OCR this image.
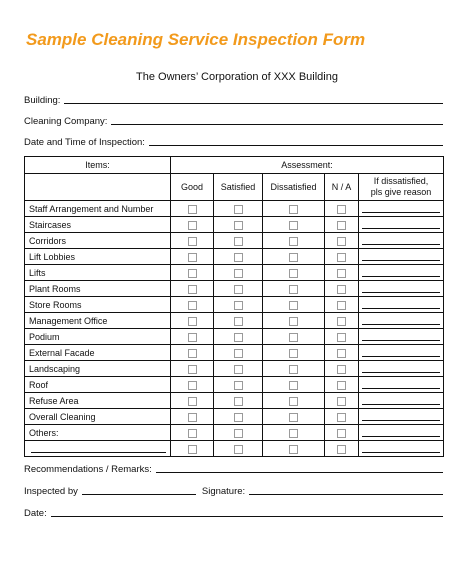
Sample Cleaning Service Inspection Form
The Owners’ Corporation of XXX Building
Building:
Cleaning Company:
Date and Time of Inspection:
Items:	Assessment:				
	Good	Satisfied	Dissatisfied	N / A	If dissatisfied,
pls give reason
Staff Arrangement and Number					

Staircases					

Corridors					

Lift Lobbies					

Lifts					

Plant Rooms					

Store Rooms					

Management Office					

Podium					

External Facade					

Landscaping					

Roof					

Refuse Area					

Overall Cleaning					

Others:					

Recommendations / Remarks:
Inspected by	Signature:
Date:
